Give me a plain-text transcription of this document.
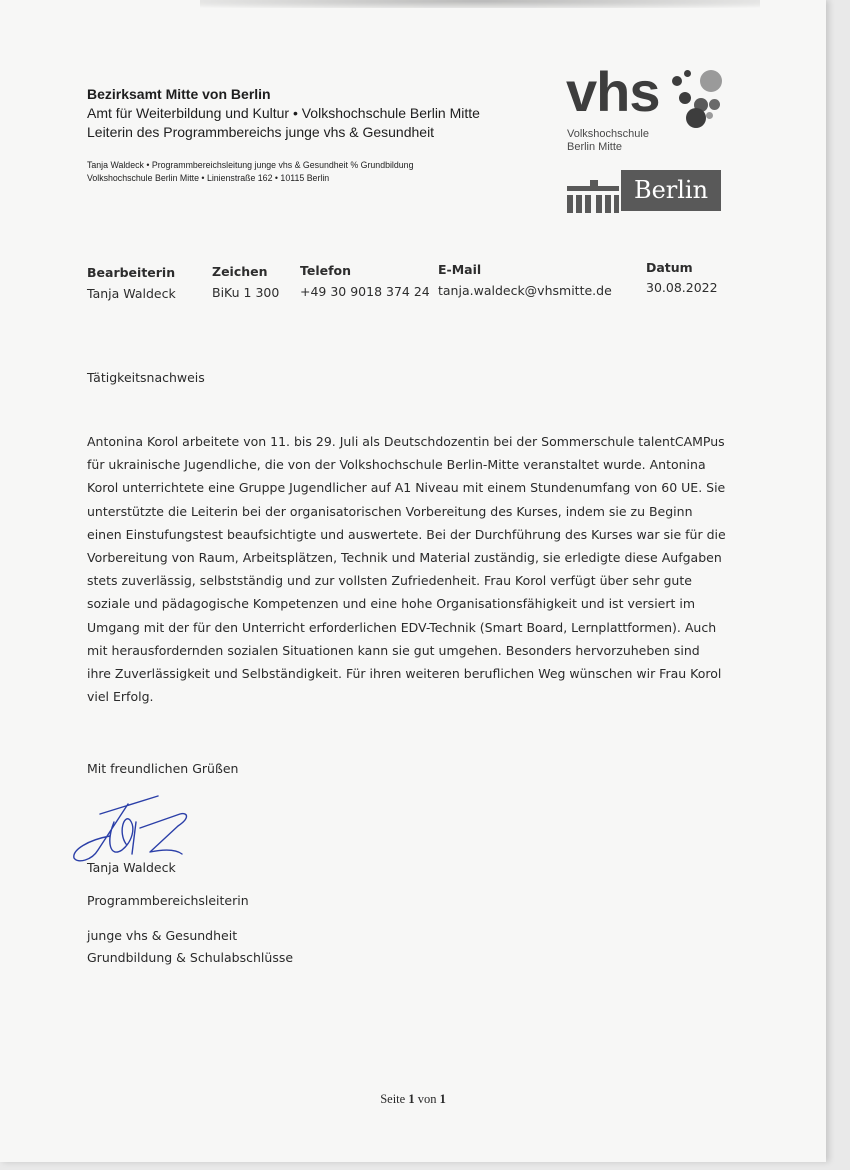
Bezirksamt Mitte von Berlin
Amt für Weiterbildung und Kultur • Volkshochschule Berlin Mitte
Leiterin des Programmbereichs junge vhs & Gesundheit
Tanja Waldeck • Programmbereichsleitung junge vhs & Gesundheit % Grundbildung
Volkshochschule Berlin Mitte • Linienstraße 162 • 10115 Berlin
vhs
Volkshochschule
Berlin Mitte
Berlin
Bearbeiterin
Tanja Waldeck
Zeichen
BiKu 1 300
Telefon
+49 30 9018 374 24
E-Mail
tanja.waldeck@vhsmitte.de
Datum
30.08.2022
Tätigkeitsnachweis
Antonina Korol arbeitete von 11. bis 29. Juli als Deutschdozentin bei der Sommerschule talentCAMPus für ukrainische Jugendliche, die von der Volkshochschule Berlin-Mitte veranstaltet wurde. Antonina Korol unterrichtete eine Gruppe Jugendlicher auf A1 Niveau mit einem Stundenumfang von 60 UE. Sie unterstützte die Leiterin bei der organisatorischen Vorbereitung des Kurses, indem sie zu Beginn einen Einstufungstest beaufsichtigte und auswertete. Bei der Durchführung des Kurses war sie für die Vorbereitung von Raum, Arbeitsplätzen, Technik und Material zuständig, sie erledigte diese Aufgaben stets zuverlässig, selbstständig und zur vollsten Zufriedenheit. Frau Korol verfügt über sehr gute soziale und pädagogische Kompetenzen und eine hohe Organisationsfähigkeit und ist versiert im Umgang mit der für den Unterricht erforderlichen EDV-Technik (Smart Board, Lernplattformen). Auch mit herausfordernden sozialen Situationen kann sie gut umgehen. Besonders hervorzuheben sind ihre Zuverlässigkeit und Selbständigkeit. Für ihren weiteren beruflichen Weg wünschen wir Frau Korol viel Erfolg.
Mit freundlichen Grüßen
Tanja Waldeck
Programmbereichsleiterin
junge vhs & Gesundheit
Grundbildung & Schulabschlüsse
Seite 1 von 1
